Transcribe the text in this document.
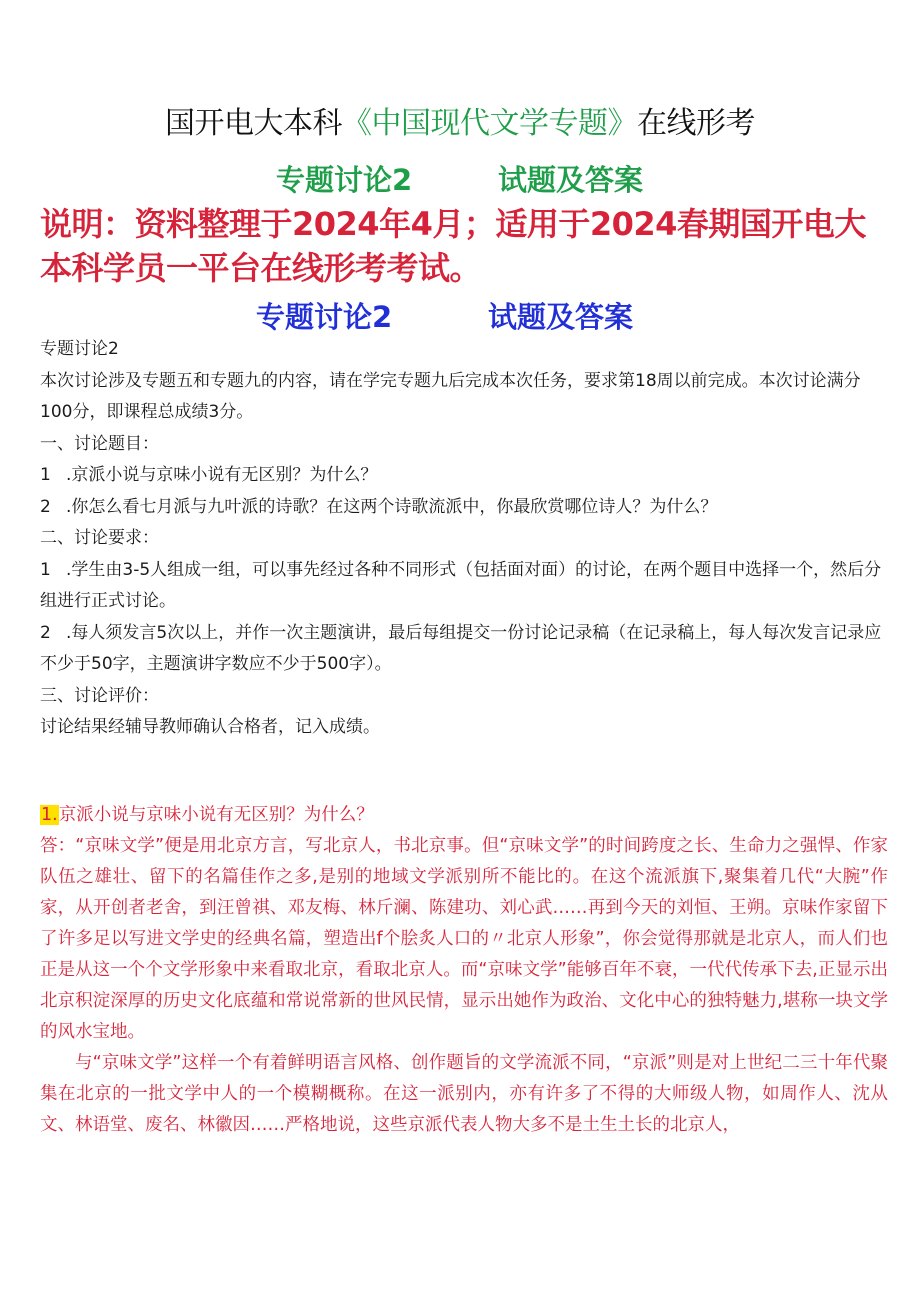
国开电大本科《中国现代文学专题》在线形考
专题讨论2	试题及答案
说明：资料整理于2024年4月；适用于2024春期国开电大本科学员一平台在线形考考试。
专题讨论2	试题及答案

专题讨论2

本次讨论涉及专题五和专题九的内容，请在学完专题九后完成本次任务，要求第18周以前完成。本次讨论满分100分，即课程总成绩3分。

一、讨论题目：

1 .京派小说与京味小说有无区别？为什么？

2 .你怎么看七月派与九叶派的诗歌？在这两个诗歌流派中，你最欣赏哪位诗人？为什么？

二、讨论要求：

1 .学生由3-5人组成一组，可以事先经过各种不同形式（包括面对面）的讨论，在两个题目中选择一个，然后分组进行正式讨论。

2 .每人须发言5次以上，并作一次主题演讲，最后每组提交一份讨论记录稿（在记录稿上，每人每次发言记录应不少于50字，主题演讲字数应不少于500字）。

三、讨论评价：

讨论结果经辅导教师确认合格者，记入成绩。

1.京派小说与京味小说有无区别？为什么？

答：“京味文学”便是用北京方言，写北京人，书北京事。但“京味文学”的时间跨度之长、生命力之强悍、作家队伍之雄壮、留下的名篇佳作之多,是别的地域文学派别所不能比的。在这个流派旗下,聚集着几代“大腕”作家，从开创者老舍，到汪曾祺、邓友梅、林斤澜、陈建功、刘心武……再到今天的刘恒、王朔。京味作家留下了许多足以写进文学史的经典名篇，塑造出f个脍炙人口的〃北京人形象”，你会觉得那就是北京人，而人们也正是从这一个个文学形象中来看取北京，看取北京人。而“京味文学”能够百年不衰，一代代传承下去,正显示出北京积淀深厚的历史文化底蕴和常说常新的世风民情，显示出她作为政治、文化中心的独特魅力,堪称一块文学的风水宝地。

与“京味文学”这样一个有着鲜明语言风格、创作题旨的文学流派不同，“京派”则是对上世纪二三十年代聚集在北京的一批文学中人的一个模糊概称。在这一派别内，亦有许多了不得的大师级人物，如周作人、沈从文、林语堂、废名、林徽因……严格地说，这些京派代表人物大多不是土生土长的北京人，
